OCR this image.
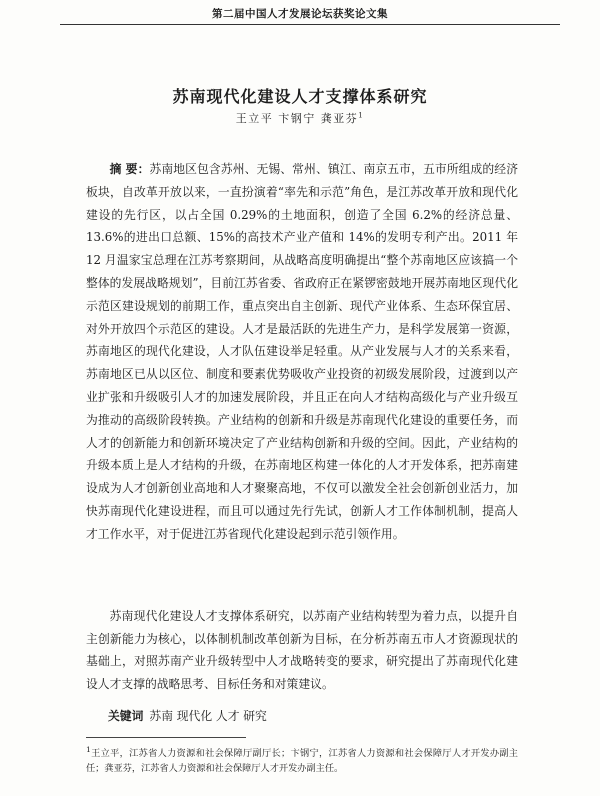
第二届中国人才发展论坛获奖论文集
苏南现代化建设人才支撑体系研究
王立平 卞钢宁 龚亚芬$^1$
摘 要：苏南地区包含苏州、无锡、常州、镇江、南京五市，五市所组成的经济板块，自改革开放以来，一直扮演着“率先和示范”角色，是江苏改革开放和现代化建设的先行区，以占全国 0.29%的土地面积，创造了全国 6.2%的经济总量、13.6%的进出口总额、15%的高技术产业产值和 14%的发明专利产出。2011 年 12 月温家宝总理在江苏考察期间，从战略高度明确提出“整个苏南地区应该搞一个整体的发展战略规划”，目前江苏省委、省政府正在紧锣密鼓地开展苏南地区现代化示范区建设规划的前期工作，重点突出自主创新、现代产业体系、生态环保宜居、对外开放四个示范区的建设。人才是最活跃的先进生产力，是科学发展第一资源，苏南地区的现代化建设，人才队伍建设举足轻重。从产业发展与人才的关系来看，苏南地区已从以区位、制度和要素优势吸收产业投资的初级发展阶段，过渡到以产业扩张和升级吸引人才的加速发展阶段，并且正在向人才结构高级化与产业升级互为推动的高级阶段转换。产业结构的创新和升级是苏南现代化建设的重要任务，而人才的创新能力和创新环境决定了产业结构创新和升级的空间。因此，产业结构的升级本质上是人才结构的升级，在苏南地区构建一体化的人才开发体系，把苏南建设成为人才创新创业高地和人才聚聚高地，不仅可以激发全社会创新创业活力，加快苏南现代化建设进程，而且可以通过先行先试，创新人才工作体制机制，提高人才工作水平，对于促进江苏省现代化建设起到示范引领作用。
苏南现代化建设人才支撑体系研究，以苏南产业结构转型为着力点，以提升自主创新能力为核心，以体制机制改革创新为目标，在分析苏南五市人才资源现状的基础上，对照苏南产业升级转型中人才战略转变的要求，研究提出了苏南现代化建设人才支撑的战略思考、目标任务和对策建议。
关键词 苏南 现代化 人才 研究
$^1$王立平，江苏省人力资源和社会保障厅副厅长；卞钢宁，江苏省人力资源和社会保障厅人才开发办副主任；龚亚芬，江苏省人力资源和社会保障厅人才开发办副主任。
